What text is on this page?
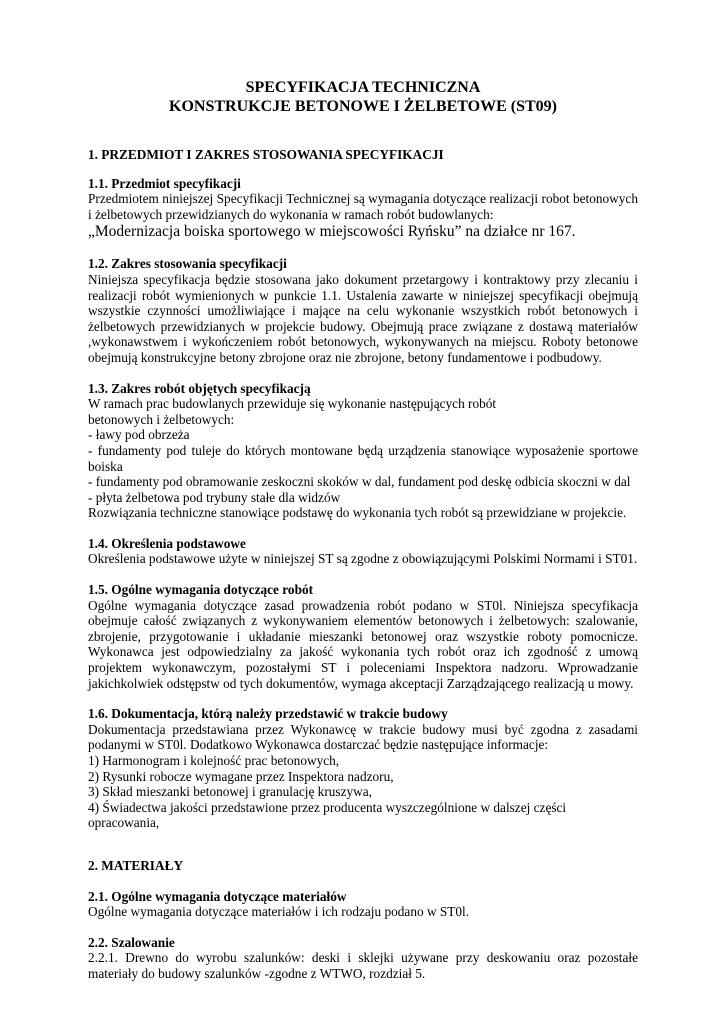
SPECYFIKACJA TECHNICZNA
KONSTRUKCJE BETONOWE I ŻELBETOWE (ST09)
1. PRZEDMIOT I ZAKRES STOSOWANIA SPECYFIKACJI
1.1. Przedmiot specyfikacji

Przedmiotem niniejszej Specyfikacji Technicznej są wymagania dotyczące realizacji robot betonowych i żelbetowych przewidzianych do wykonania w ramach robót budowlanych:

„Modernizacja boiska sportowego w miejscowości Ryńsku” na działce nr 167.

1.2. Zakres stosowania specyfikacji

Niniejsza specyfikacja będzie stosowana jako dokument przetargowy i kontraktowy przy zlecaniu i realizacji robót wymienionych w punkcie 1.1. Ustalenia zawarte w niniejszej specyfikacji obejmują wszystkie czynności umożliwiające i mające na celu wykonanie wszystkich robót betonowych i żelbetowych przewidzianych w projekcie budowy. Obejmują prace związane z dostawą materiałów ,wykonawstwem i wykończeniem robót betonowych, wykonywanych na miejscu. Roboty betonowe obejmują konstrukcyjne betony zbrojone oraz nie zbrojone, betony fundamentowe i podbudowy.

1.3. Zakres robót objętych specyfikacją

W ramach prac budowlanych przewiduje się wykonanie następujących robót

betonowych i żelbetowych:

- ławy pod obrzeża

- fundamenty pod tuleje do których montowane będą urządzenia stanowiące wyposażenie sportowe boiska

- fundamenty pod obramowanie zeskoczni skoków w dal, fundament pod deskę odbicia skoczni w dal

- płyta żelbetowa pod trybuny stałe dla widzów

Rozwiązania techniczne stanowiące podstawę do wykonania tych robót są przewidziane w projekcie.

1.4. Określenia podstawowe

Określenia podstawowe użyte w niniejszej ST są zgodne z obowiązującymi Polskimi Normami i ST01.

1.5. Ogólne wymagania dotyczące robót

Ogólne wymagania dotyczące zasad prowadzenia robót podano w ST0l. Niniejsza specyfikacja obejmuje całość związanych z wykonywaniem elementów betonowych i żelbetowych: szalowanie, zbrojenie, przygotowanie i układanie mieszanki betonowej oraz wszystkie roboty pomocnicze. Wykonawca jest odpowiedzialny za jakość wykonania tych robót oraz ich zgodność z umową projektem wykonawczym, pozostałymi ST i poleceniami Inspektora nadzoru. Wprowadzanie jakichkolwiek odstępstw od tych dokumentów, wymaga akceptacji Zarządzającego realizacją u mowy.

1.6. Dokumentacja, którą należy przedstawić w trakcie budowy

Dokumentacja przedstawiana przez Wykonawcę w trakcie budowy musi być zgodna z zasadami podanymi w ST0l. Dodatkowo Wykonawca dostarczać będzie następujące informacje:

1) Harmonogram i kolejność prac betonowych,

2) Rysunki robocze wymagane przez Inspektora nadzoru,

3) Skład mieszanki betonowej i granulację kruszywa,

4) Świadectwa jakości przedstawione przez producenta wyszczególnione w dalszej części opracowania,

2. MATERIAŁY
2.1. Ogólne wymagania dotyczące materiałów

Ogólne wymagania dotyczące materiałów i ich rodzaju podano w ST0l.

2.2. Szalowanie

2.2.1. Drewno do wyrobu szalunków: deski i sklejki używane przy deskowaniu oraz pozostałe materiały do budowy szalunków -zgodne z WTWO, rozdział 5.
